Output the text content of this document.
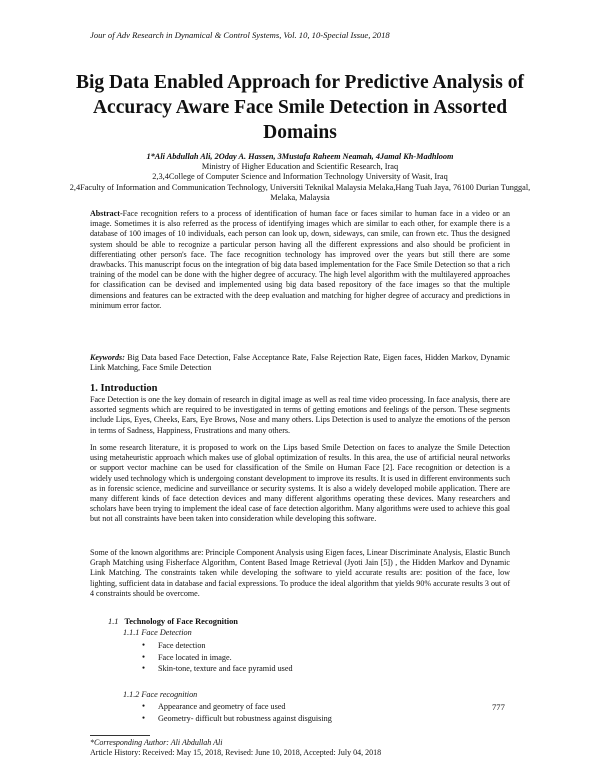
Jour of Adv Research in Dynamical & Control Systems, Vol. 10, 10-Special Issue, 2018
Big Data Enabled Approach for Predictive Analysis of Accuracy Aware Face Smile Detection in Assorted Domains
1*Ali Abdullah Ali, 2Oday A. Hassen, 3Mustafa Raheem Neamah, 4Jamal Kh-Madhloom
Ministry of Higher Education and Scientific Research, Iraq
2,3,4College of Computer Science and Information Technology University of Wasit, Iraq
2,4Faculty of Information and Communication Technology, Universiti Teknikal Malaysia Melaka,Hang Tuah Jaya, 76100 Durian Tunggal, Melaka, Malaysia
Abstract-Face recognition refers to a process of identification of human face or faces similar to human face in a video or an image. Sometimes it is also referred as the process of identifying images which are similar to each other, for example there is a database of 100 images of 10 individuals, each person can look up, down, sideways, can smile, can frown etc. Thus the designed system should be able to recognize a particular person having all the different expressions and also should be proficient in differentiating other person's face. The face recognition technology has improved over the years but still there are some drawbacks. This manuscript focus on the integration of big data based implementation for the Face Smile Detection so that a rich training of the model can be done with the higher degree of accuracy. The high level algorithm with the multilayered approaches for classification can be devised and implemented using big data based repository of the face images so that the multiple dimensions and features can be extracted with the deep evaluation and matching for higher degree of accuracy and predictions in minimum error factor.
Keywords: Big Data based Face Detection, False Acceptance Rate, False Rejection Rate, Eigen faces, Hidden Markov, Dynamic Link Matching, Face Smile Detection
1. Introduction
Face Detection is one the key domain of research in digital image as well as real time video processing. In face analysis, there are assorted segments which are required to be investigated in terms of getting emotions and feelings of the person. These segments include Lips, Eyes, Cheeks, Ears, Eye Brows, Nose and many others. Lips Detection is used to analyze the emotions of the person in terms of Sadness, Happiness, Frustrations and many others.
In some research literature, it is proposed to work on the Lips based Smile Detection on faces to analyze the Smile Detection using metaheuristic approach which makes use of global optimization of results. In this area, the use of artificial neural networks or support vector machine can be used for classification of the Smile on Human Face [2]. Face recognition or detection is a widely used technology which is undergoing constant development to improve its results. It is used in different environments such as in forensic science, medicine and surveillance or security systems. It is also a widely developed mobile application. There are many different kinds of face detection devices and many different algorithms operating these devices. Many researchers and scholars have been trying to implement the ideal case of face detection algorithm. Many algorithms were used to achieve this goal but not all constraints have been taken into consideration while developing this software.
Some of the known algorithms are: Principle Component Analysis using Eigen faces, Linear Discriminate Analysis, Elastic Bunch Graph Matching using Fisherface Algorithm, Content Based Image Retrieval (Jyoti Jain [5]) , the Hidden Markov and Dynamic Link Matching. The constraints taken while developing the software to yield accurate results are: position of the face, low lighting, sufficient data in database and facial expressions. To produce the ideal algorithm that yields 90% accurate results 3 out of 4 constraints should be overcome.
1.1 Technology of Face Recognition
1.1.1 Face Detection
● Face detection
● Face located in image.
● Skin-tone, texture and face pyramid used
1.1.2 Face recognition
● Appearance and geometry of face used
● Geometry- difficult but robustness against disguising
777
*Corresponding Author: Ali Abdullah Ali
Article History: Received: May 15, 2018, Revised: June 10, 2018, Accepted: July 04, 2018
